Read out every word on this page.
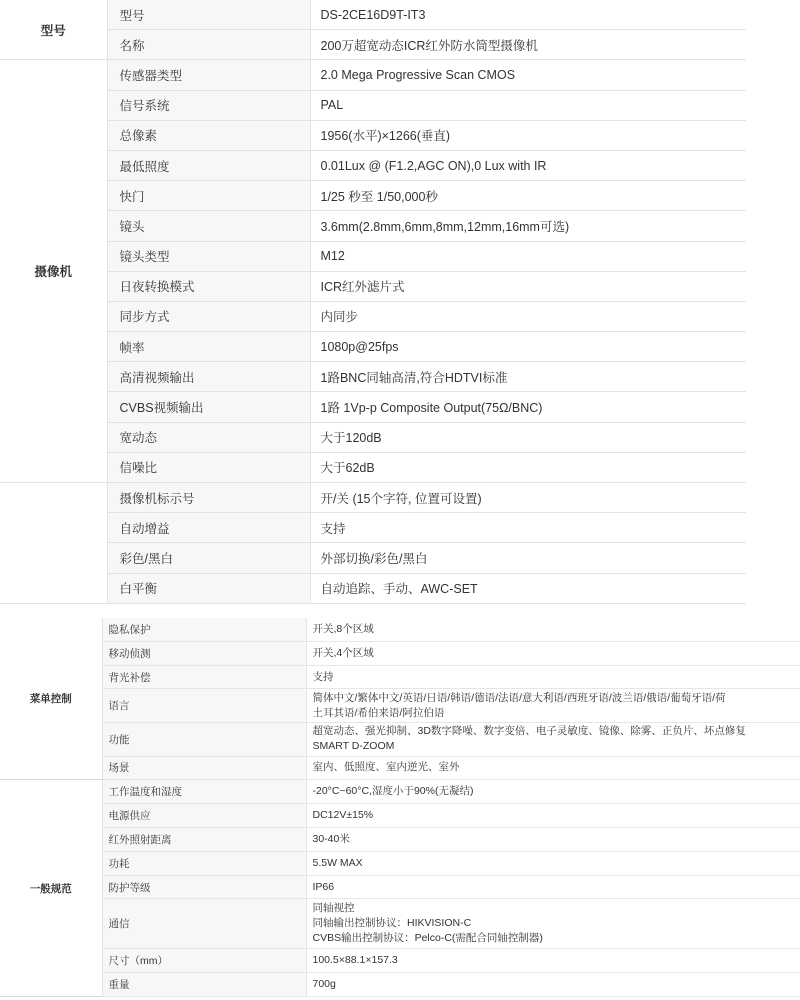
型号	型号	DS-2CE16D9T-IT3	

	名称	200万超宽动态ICR红外防水筒型摄像机	

摄像机	传感器类型	2.0 Mega Progressive Scan CMOS	

	信号系统	PAL	

	总像素	1956(水平)×1266(垂直)	

	最低照度	0.01Lux @ (F1.2,AGC ON),0 Lux with IR	

	快门	1/25 秒至 1/50,000秒	

	镜头	3.6mm(2.8mm,6mm,8mm,12mm,16mm可选)	

	镜头类型	M12	

	日夜转换模式	ICR红外滤片式	

	同步方式	内同步	

	帧率	1080p@25fps	

	高清视频输出	1路BNC同轴高清,符合HDTVI标准	

	CVBS视频输出	1路 1Vp-p Composite Output(75Ω/BNC)	

	宽动态	大于120dB	

	信噪比	大于62dB	

	摄像机标示号	开/关 (15个字符, 位置可设置)	

	自动增益	支持	

	彩色/黑白	外部切换/彩色/黑白	

	白平衡	自动追踪、手动、AWC-SET	

菜单控制	隐私保护	开关,8个区域

	移动侦测	开关,4个区域

	背光补偿	支持

	语言	简体中文/繁体中文/英语/日语/韩语/德语/法语/意大利语/西班牙语/波兰语/俄语/葡萄牙语/荷
土耳其语/希伯来语/阿拉伯语

	功能	超宽动态、强光抑制、3D数字降噪、数字变倍、电子灵敏度、镜像、除雾、正负片、坏点修复
SMART D-ZOOM

	场景	室内、低照度、室内逆光、室外

一般规范	工作温度和湿度	-20°C~60°C,湿度小于90%(无凝结)

	电源供应	DC12V±15%

	红外照射距离	30-40米

	功耗	5.5W MAX

	防护等级	IP66

	通信	同轴视控
同轴输出控制协议：HIKVISION-C
CVBS输出控制协议：Pelco-C(需配合同轴控制器)

	尺寸（mm）	100.5×88.1×157.3

	重量	700g
